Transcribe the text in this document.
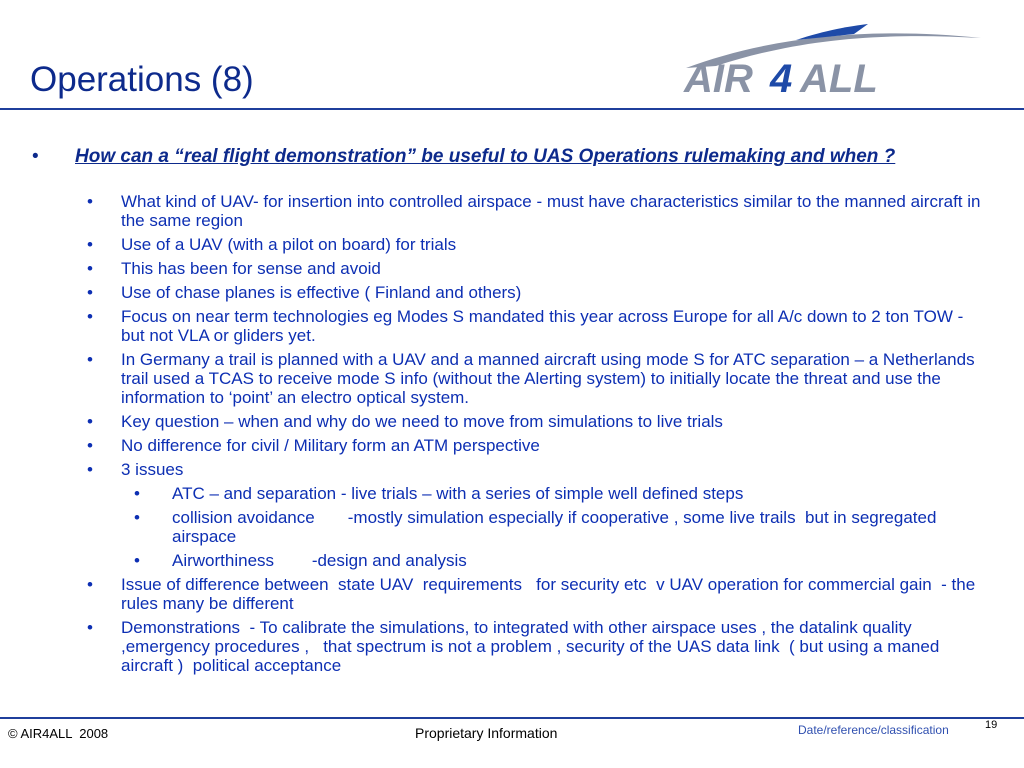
Operations (8)	AIR 4 ALL
• How can a “real flight demonstration” be useful to UAS Operations rulemaking and when ?
• What kind of UAV- for insertion into controlled airspace - must have characteristics similar to the manned aircraft in the same region
• Use of a UAV (with a pilot on board) for trials
• This has been for sense and avoid
• Use of chase planes is effective ( Finland and others)
• Focus on near term technologies eg Modes S mandated this year across Europe for all A/c down to 2 ton TOW - but not VLA or gliders yet.
• In Germany a trail is planned with a UAV and a manned aircraft using mode S for ATC separation – a Netherlands trail used a TCAS to receive mode S info (without the Alerting system) to initially locate the threat and use the information to ‘point’ an electro optical system.
• Key question – when and why do we need to move from simulations to live trials
• No difference for civil / Military form an ATM perspective
• 3 issues
• ATC – and separation - live trials – with a series of simple well defined steps
• collision avoidance       -mostly simulation especially if cooperative , some live trails  but in segregated airspace
• Airworthiness        -design and analysis
• Issue of difference between  state UAV  requirements   for security etc  v UAV operation for commercial gain  - the rules many be different
• Demonstrations  - To calibrate the simulations, to integrated with other airspace uses , the datalink quality ,emergency procedures ,   that spectrum is not a problem , security of the UAS data link  ( but using a maned aircraft )  political acceptance
© AIR4ALL  2008	Proprietary Information	Date/reference/classification	19
